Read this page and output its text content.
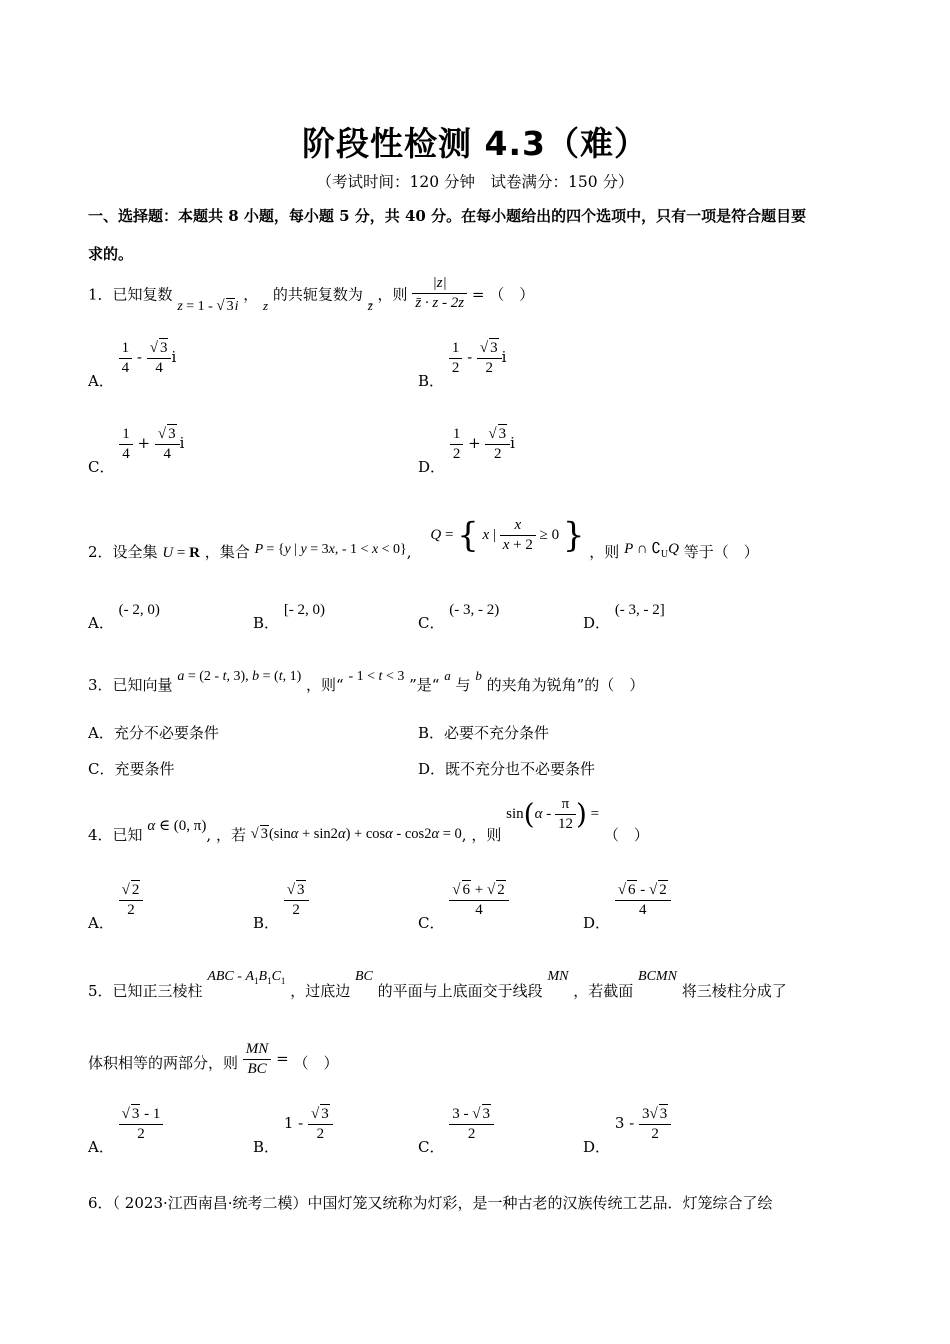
阶段性检测 4.3（难）
（考试时间：120 分钟　试卷满分：150 分）
一、选择题：本题共 8 小题，每小题 5 分，共 40 分。在每小题给出的四个选项中，只有一项是符合题目要
求的。
1．已知复数 z = 1 - √ 3i ， z 的共轭复数为 z̄ ，则 $\frac{|z|}{z̄ \cdot z - 2z}$ = （　）
A．
$\frac{1}{4} - \frac{√ 3}{4}$ i
B．
$\frac{1}{2} - \frac{√ 3}{2}$ i
C．
$\frac{1}{4} + \frac{√ 3}{4}$ i
D．
$\frac{1}{2} + \frac{√ 3}{2}$ i
2．设全集 U = R ，集合 P = {y | y = 3x, - 1 < x < 0}, Q = { x | $\frac{x}{x + 2} \ge 0$ } ，则 P ∩ $∁_UQ$ 等于（　）
A． (- 2, 0)
B． [- 2, 0)
C． (- 3, - 2)
D． (- 3, - 2]
3．已知向量 a = (2 - t, 3), b = (t, 1) ，则“ - 1 < t < 3 ”是“ a 与 b 的夹角为锐角”的（　）
A．充分不必要条件	B．必要不充分条件
C．充要条件	D．既不充分也不必要条件
4．已知 α ∈ (0, π), ，若 √ 3(sinα + sin2α) + cosα - cos2α = 0, ，则 $\sin(\alpha - \frac{\pi}{12}$ ) = （　）
A．
$\frac{√ 2}{2}$
B．
$\frac{√ 3}{2}$
C．
$\frac{√ 6 + √ 2}{4}$
D．
$\frac{√ 6 - √ 2}{4}$
5．已知正三棱柱 ABC - $A_1B_1C_1$ ，过底边 BC 的平面与上底面交于线段 MN ，若截面 BCMN 将三棱柱分成了
体积相等的两部分，则 $\frac{MN}{BC}$ = （　）
A．
$\frac{√ 3 - 1}{2}$
B． $1 - \frac{√ 3}{2}$
C．
$\frac{3 - √ 3}{2}$
D． $3 - \frac{3√ 3}{2}$
6．（ 2023·江西南昌·统考二模）中国灯笼又统称为灯彩，是一种古老的汉族传统工艺品．灯笼综合了绘
